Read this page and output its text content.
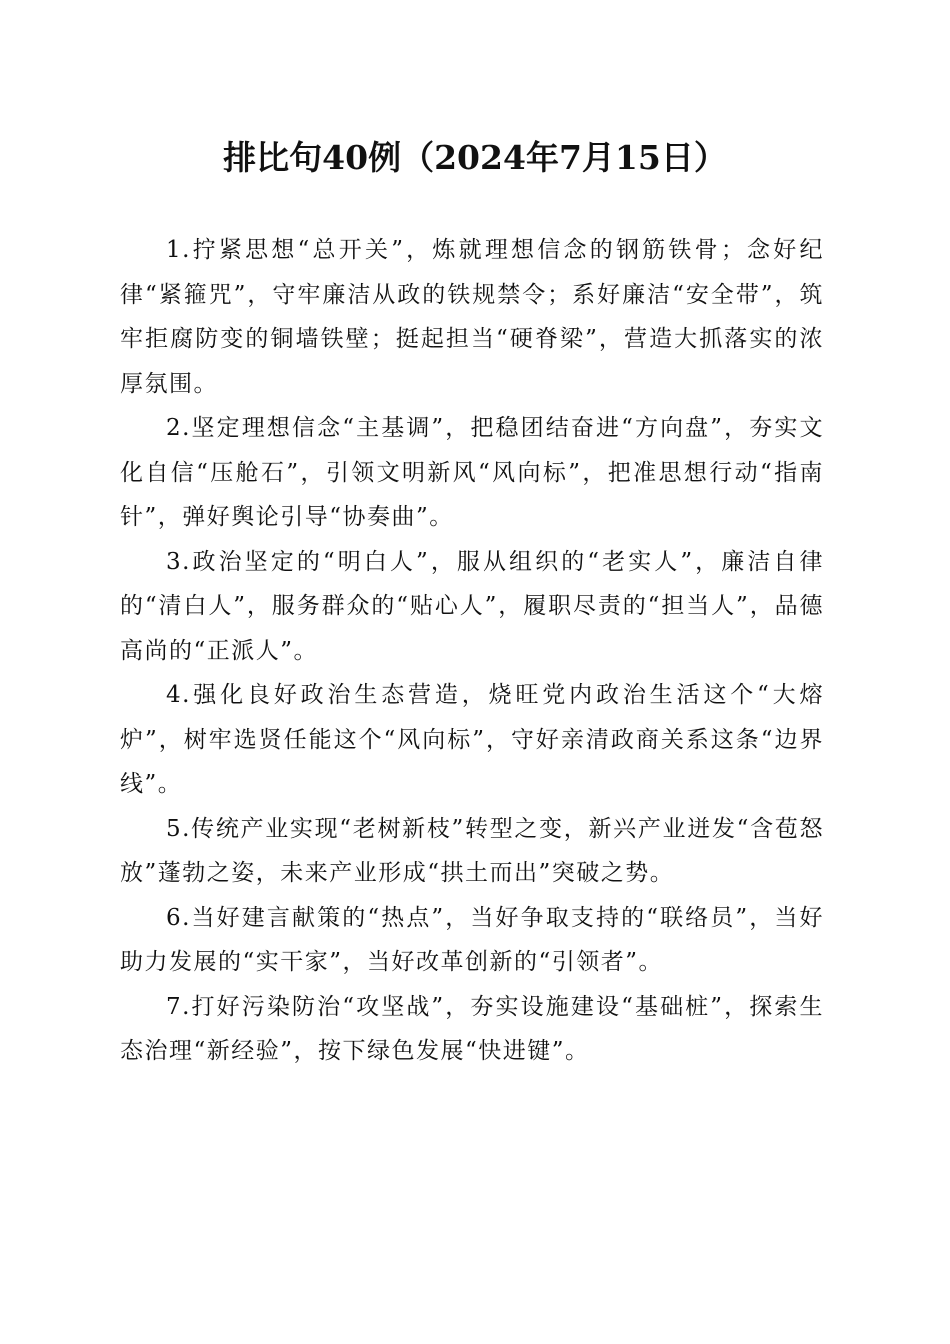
排比句40例（2024年7月15日）

1.拧紧思想“总开关”，炼就理想信念的钢筋铁骨；念好纪律“紧箍咒”，守牢廉洁从政的铁规禁令；系好廉洁“安全带”，筑牢拒腐防变的铜墙铁壁；挺起担当“硬脊梁”，营造大抓落实的浓厚氛围。

2.坚定理想信念“主基调”，把稳团结奋进“方向盘”，夯实文化自信“压舱石”，引领文明新风“风向标”，把准思想行动“指南针”，弹好舆论引导“协奏曲”。

3.政治坚定的“明白人”，服从组织的“老实人”，廉洁自律的“清白人”，服务群众的“贴心人”，履职尽责的“担当人”，品德高尚的“正派人”。

4.强化良好政治生态营造，烧旺党内政治生活这个“大熔炉”，树牢选贤任能这个“风向标”，守好亲清政商关系这条“边界线”。

5.传统产业实现“老树新枝”转型之变，新兴产业迸发“含苞怒放”蓬勃之姿，未来产业形成“拱土而出”突破之势。

6.当好建言献策的“热点”，当好争取支持的“联络员”，当好助力发展的“实干家”，当好改革创新的“引领者”。

7.打好污染防治“攻坚战”，夯实设施建设“基础桩”，探索生态治理“新经验”，按下绿色发展“快进键”。
